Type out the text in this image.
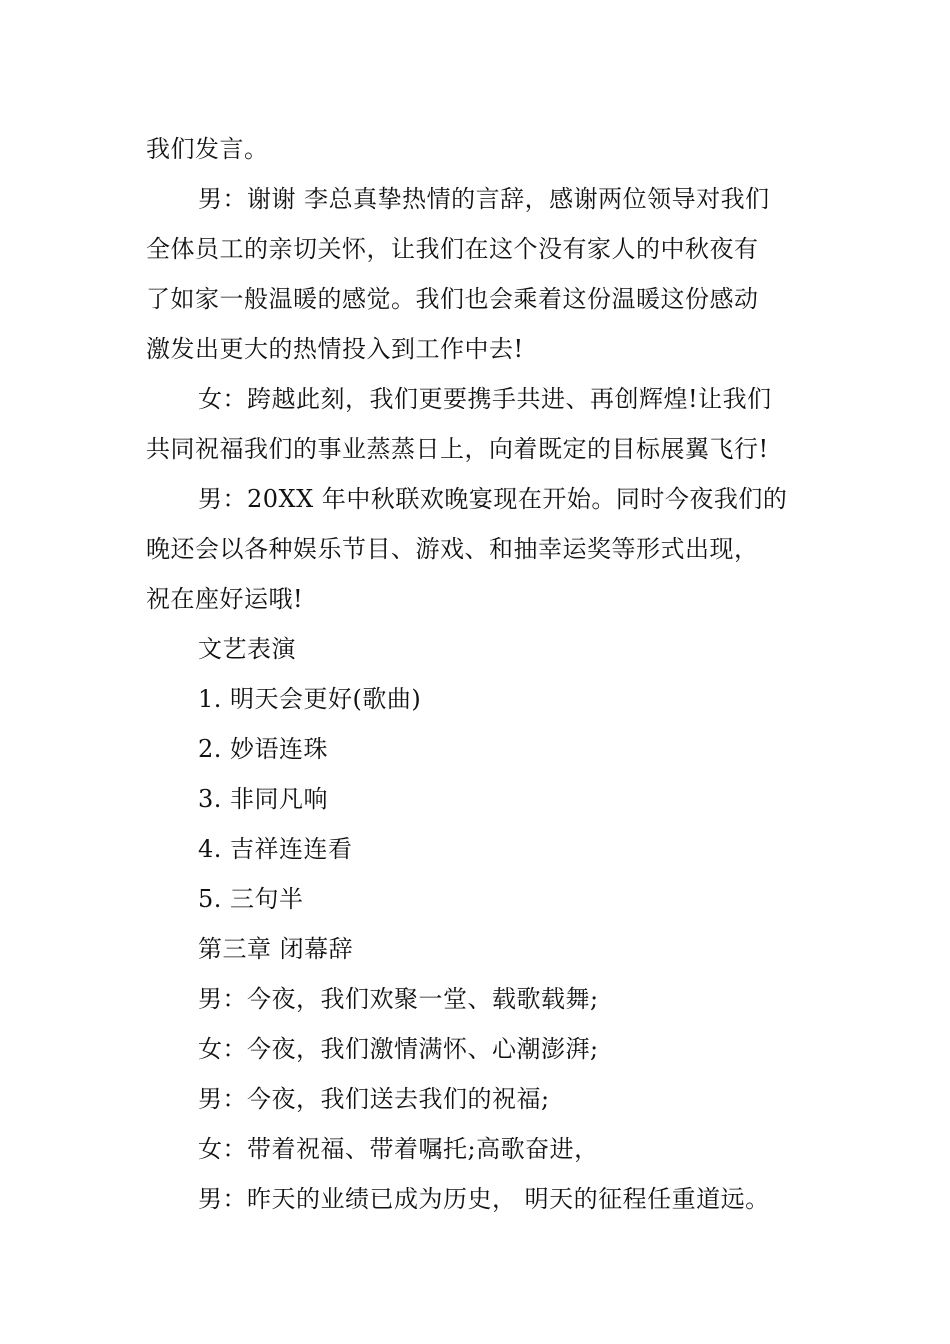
我们发言。
男：谢谢 李总真挚热情的言辞，感谢两位领导对我们
全体员工的亲切关怀，让我们在这个没有家人的中秋夜有
了如家一般温暖的感觉。我们也会乘着这份温暖这份感动
激发出更大的热情投入到工作中去!
女：跨越此刻，我们更要携手共进、再创辉煌!让我们
共同祝福我们的事业蒸蒸日上，向着既定的目标展翼飞行!
男：20XX 年中秋联欢晚宴现在开始。同时今夜我们的
晚还会以各种娱乐节目、游戏、和抽幸运奖等形式出现，
祝在座好运哦!
文艺表演
1. 明天会更好(歌曲)
2. 妙语连珠
3. 非同凡响
4. 吉祥连连看
5. 三句半
第三章 闭幕辞
男：今夜，我们欢聚一堂、载歌载舞;
女：今夜，我们激情满怀、心潮澎湃;
男：今夜，我们送去我们的祝福;
女：带着祝福、带着嘱托;高歌奋进，
男：昨天的业绩已成为历史， 明天的征程任重道远。
